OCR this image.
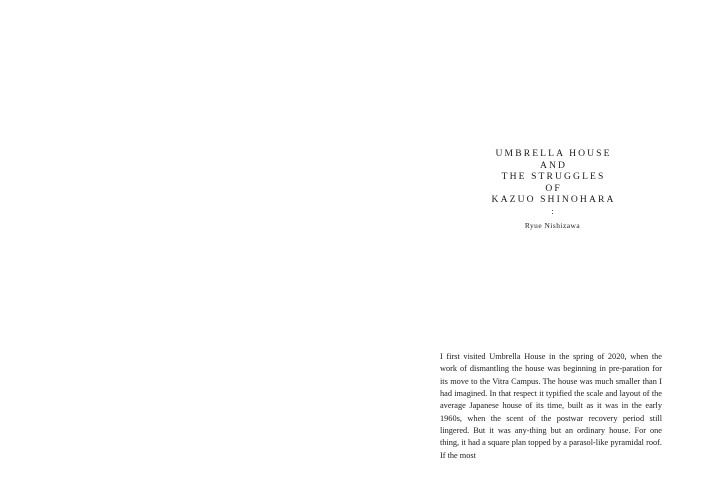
UMBRELLA HOUSE
AND
THE STRUGGLES
OF
KAZUO SHINOHARA
:
Ryue Nishizawa

I first visited Umbrella House in the spring of 2020, when the work of dismantling the house was beginning in pre-paration for its move to the Vitra Campus. The house was much smaller than I had imagined. In that respect it typified the scale and layout of the average Japanese house of its time, built as it was in the early 1960s, when the scent of the postwar recovery period still lingered. But it was any-thing but an ordinary house. For one thing, it had a square plan topped by a parasol-like pyramidal roof. If the most
